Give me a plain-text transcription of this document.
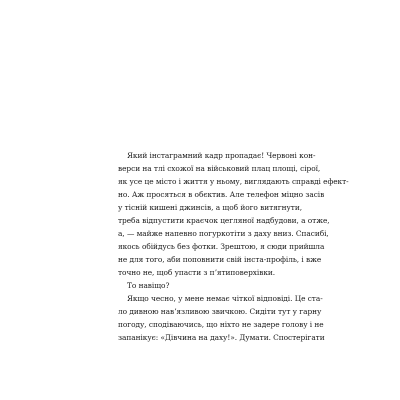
Який інстаграмний кадр пропадає! Червоні кон-
верси на тлі схожої на військовий плац площі, сірої,
як усе це місто і життя у ньому, виглядають справді ефект-
но. Аж просяться в обєктив. Але телефон міцно засів
у тісній кишені джинсів, а щоб його витягнути,
треба відпустити краєчок цегляної надбудови, а отже,
а, — майже напевно погуркотіти з даху вниз. Спасибі,
якось обійдусь без фотки. Зрештою, я сюди прийшла
не для того, аби поповнити свій інста-профіль, і вже
точно не, щоб упасти з пʼятиповерхівки.
То навіщо?
Якщо чесно, у мене немає чіткої відповіді. Це ста-
ло дивною навʼязливою звичкою. Сидіти тут у гарну
погоду, сподіваючись, що ніхто не задере голову і не
запанікує: «Дівчина на даху!». Думати. Спостерігати
